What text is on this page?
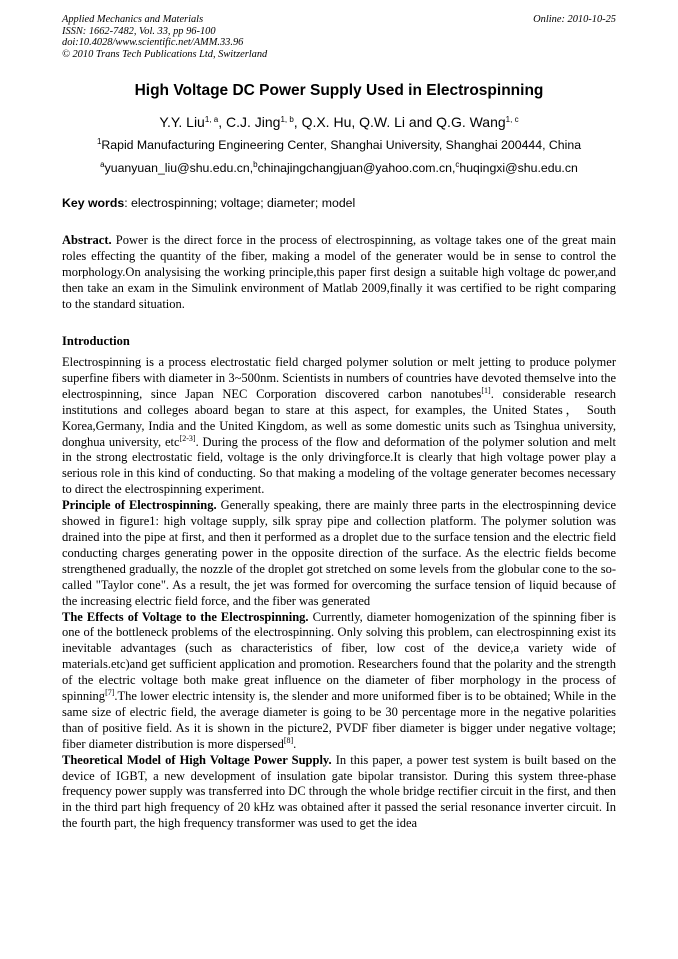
Applied Mechanics and Materials
ISSN: 1662-7482, Vol. 33, pp 96-100
doi:10.4028/www.scientific.net/AMM.33.96
© 2010 Trans Tech Publications Ltd, Switzerland
Online: 2010-10-25
High Voltage DC Power Supply Used in Electrospinning
Y.Y. Liu$^{1, a}$, C.J. Jing$^{1, b}$, Q.X. Hu, Q.W. Li and Q.G. Wang$^{1, c}$
$^1$Rapid Manufacturing Engineering Center, Shanghai University, Shanghai 200444, China
$^a$yuanyuan_liu@shu.edu.cn,$^b$chinajingchangjuan@yahoo.com.cn,$^c$huqingxi@shu.edu.cn
Key words: electrospinning; voltage; diameter; model
Abstract. Power is the direct force in the process of electrospinning, as voltage takes one of the great main roles effecting the quantity of the fiber, making a model of the generater would be in sense to control the morphology.On analysising the working principle,this paper first design a suitable high voltage dc power,and then take an exam in the Simulink environment of Matlab 2009,finally it was certified to be right comparing to the standard situation.
Introduction

Electrospinning is a process electrostatic field charged polymer solution or melt jetting to produce polymer superfine fibers with diameter in 3~500nm. Scientists in numbers of countries have devoted themselve into the electrospinning, since Japan NEC Corporation discovered carbon nanotubes[1]. considerable research institutions and colleges aboard began to stare at this aspect, for examples, the United States， South Korea,Germany, India and the United Kingdom, as well as some domestic units such as Tsinghua university, donghua university, etc[2-3]. During the process of the flow and deformation of the polymer solution and melt in the strong electrostatic field, voltage is the only drivingforce.It is clearly that high voltage power play a serious role in this kind of conducting. So that making a modeling of the voltage generater becomes necessary to direct the electrospinning experiment.

Principle of Electrospinning. Generally speaking, there are mainly three parts in the electrospinning device showed in figure1: high voltage supply, silk spray pipe and collection platform. The polymer solution was drained into the pipe at first, and then it performed as a droplet due to the surface tension and the electric field conducting charges generating power in the opposite direction of the surface. As the electric fields become strengthened gradually, the nozzle of the droplet got stretched on some levels from the globular cone to the so-called "Taylor cone". As a result, the jet was formed for overcoming the surface tension of liquid because of the increasing electric field force, and the fiber was generated

The Effects of Voltage to the Electrospinning. Currently, diameter homogenization of the spinning fiber is one of the bottleneck problems of the electrospinning. Only solving this problem, can electrospinning exist its inevitable advantages (such as characteristics of fiber, low cost of the device,a variety wide of materials.etc)and get sufficient application and promotion. Researchers found that the polarity and the strength of the electric voltage both make great influence on the diameter of fiber morphology in the process of spinning[7].The lower electric intensity is, the slender and more uniformed fiber is to be obtained; While in the same size of electric field, the average diameter is going to be 30 percentage more in the negative polarities than of positive field. As it is shown in the picture2, PVDF fiber diameter is bigger under negative voltage; fiber diameter distribution is more dispersed[8].

Theoretical Model of High Voltage Power Supply. In this paper, a power test system is built based on the device of IGBT, a new development of insulation gate bipolar transistor. During this system three-phase frequency power supply was transferred into DC through the whole bridge rectifier circuit in the first, and then in the third part high frequency of 20 kHz was obtained after it passed the serial resonance inverter circuit. In the fourth part, the high frequency transformer was used to get the idea
